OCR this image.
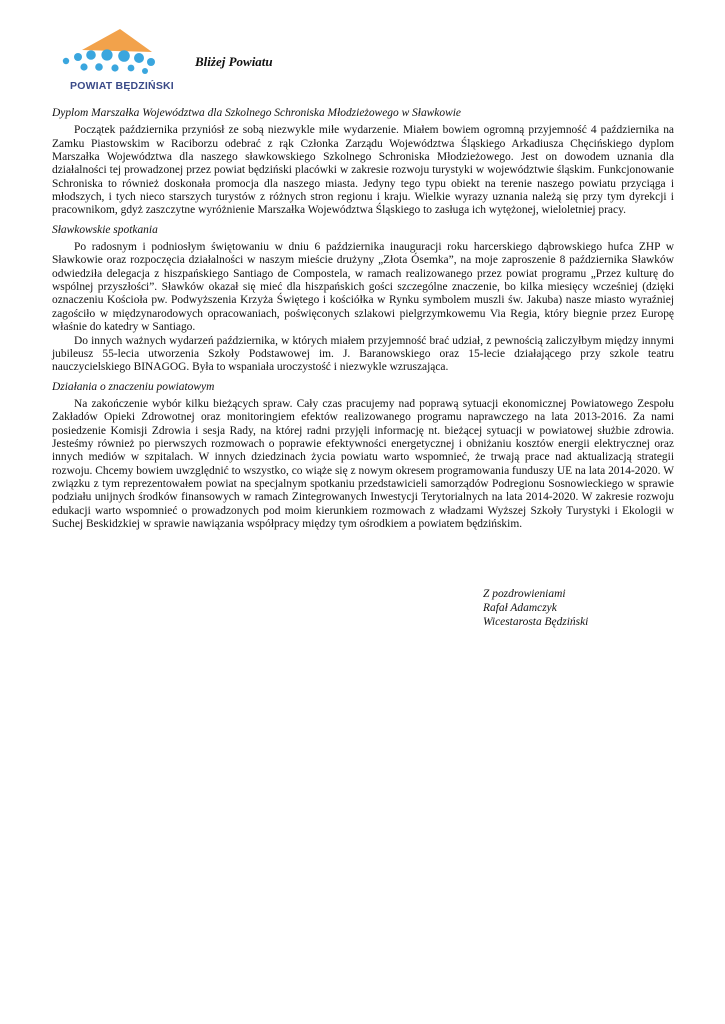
POWIAT BĘDZIŃSKI
Bliżej Powiatu

Dyplom Marszałka Województwa dla Szkolnego Schroniska Młodzieżowego w Sławkowie

Początek października przyniósł ze sobą niezwykle miłe wydarzenie. Miałem bowiem ogromną przyjemność 4 października na Zamku Piastowskim w Raciborzu odebrać z rąk Członka Zarządu Województwa Śląskiego Arkadiusza Chęcińskiego dyplom Marszałka Województwa dla naszego sławkowskiego Szkolnego Schroniska Młodzieżowego. Jest on dowodem uznania dla działalności tej prowadzonej przez powiat będziński placówki w zakresie rozwoju turystyki w województwie śląskim. Funkcjonowanie Schroniska to również doskonała promocja dla naszego miasta. Jedyny tego typu obiekt na terenie naszego powiatu przyciąga i młodszych, i tych nieco starszych turystów z różnych stron regionu i kraju. Wielkie wyrazy uznania należą się przy tym dyrekcji i pracownikom, gdyż zaszczytne wyróżnienie Marszałka Województwa Śląskiego to zasługa ich wytężonej, wieloletniej pracy.

Sławkowskie spotkania

Po radosnym i podniosłym świętowaniu w dniu 6 października inauguracji roku harcerskiego dąbrowskiego hufca ZHP w Sławkowie oraz rozpoczęcia działalności w naszym mieście drużyny „Złota Ósemka”, na moje zaproszenie 8 października Sławków odwiedziła delegacja z hiszpańskiego Santiago de Compostela, w ramach realizowanego przez powiat programu „Przez kulturę do wspólnej przyszłości”. Sławków okazał się mieć dla hiszpańskich gości szczególne znaczenie, bo kilka miesięcy wcześniej (dzięki oznaczeniu Kościoła pw. Podwyższenia Krzyża Świętego i kościółka w Rynku symbolem muszli św. Jakuba) nasze miasto wyraźniej zagościło w międzynarodowych opracowaniach, poświęconych szlakowi pielgrzymkowemu Via Regia, który biegnie przez Europę właśnie do katedry w Santiago.

Do innych ważnych wydarzeń października, w których miałem przyjemność brać udział, z pewnością zaliczyłbym między innymi jubileusz 55-lecia utworzenia Szkoły Podstawowej im. J. Baranowskiego oraz 15-lecie działającego przy szkole teatru nauczycielskiego BINAGOG. Była to wspaniała uroczystość i niezwykle wzruszająca.

Działania o znaczeniu powiatowym

Na zakończenie wybór kilku bieżących spraw. Cały czas pracujemy nad poprawą sytuacji ekonomicznej Powiatowego Zespołu Zakładów Opieki Zdrowotnej oraz monitoringiem efektów realizowanego programu naprawczego na lata 2013-2016. Za nami posiedzenie Komisji Zdrowia i sesja Rady, na której radni przyjęli informację nt. bieżącej sytuacji w powiatowej służbie zdrowia. Jesteśmy również po pierwszych rozmowach o poprawie efektywności energetycznej i obniżaniu kosztów energii elektrycznej oraz innych mediów w szpitalach. W innych dziedzinach życia powiatu warto wspomnieć, że trwają prace nad aktualizacją strategii rozwoju. Chcemy bowiem uwzględnić to wszystko, co wiąże się z nowym okresem programowania funduszy UE na lata 2014-2020. W związku z tym reprezentowałem powiat na specjalnym spotkaniu przedstawicieli samorządów Podregionu Sosnowieckiego w sprawie podziału unijnych środków finansowych w ramach Zintegrowanych Inwestycji Terytorialnych na lata 2014-2020. W zakresie rozwoju edukacji warto wspomnieć o prowadzonych pod moim kierunkiem rozmowach z władzami Wyższej Szkoły Turystyki i Ekologii w Suchej Beskidzkiej w sprawie nawiązania współpracy między tym ośrodkiem a powiatem będzińskim.

Z pozdrowieniami
Rafał Adamczyk
Wicestarosta Będziński
